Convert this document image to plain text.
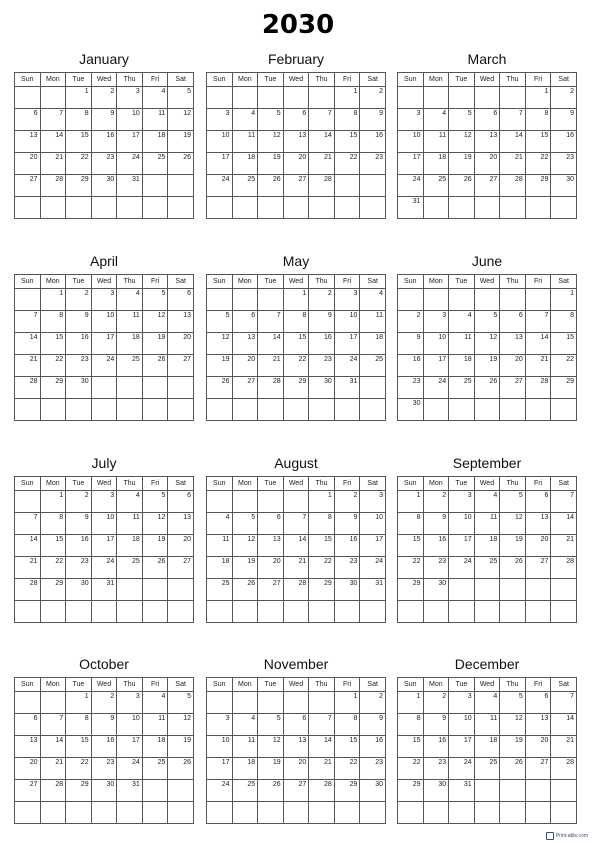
2030
January
Sun	Mon	Tue	Wed	Thu	Fri	Sat
		1	2	3	4	5
6	7	8	9	10	11	12
13	14	15	16	17	18	19
20	21	22	23	24	25	26
27	28	29	30	31		

February
Sun	Mon	Tue	Wed	Thu	Fri	Sat
					1	2
3	4	5	6	7	8	9
10	11	12	13	14	15	16
17	18	19	20	21	22	23
24	25	26	27	28		

March
Sun	Mon	Tue	Wed	Thu	Fri	Sat
					1	2
3	4	5	6	7	8	9
10	11	12	13	14	15	16
17	18	19	20	21	22	23
24	25	26	27	28	29	30
31						
April
Sun	Mon	Tue	Wed	Thu	Fri	Sat
	1	2	3	4	5	6
7	8	9	10	11	12	13
14	15	16	17	18	19	20
21	22	23	24	25	26	27
28	29	30				

May
Sun	Mon	Tue	Wed	Thu	Fri	Sat
			1	2	3	4
5	6	7	8	9	10	11
12	13	14	15	16	17	18
19	20	21	22	23	24	25
26	27	28	29	30	31	

June
Sun	Mon	Tue	Wed	Thu	Fri	Sat
						1
2	3	4	5	6	7	8
9	10	11	12	13	14	15
16	17	18	19	20	21	22
23	24	25	26	27	28	29
30						
July
Sun	Mon	Tue	Wed	Thu	Fri	Sat
	1	2	3	4	5	6
7	8	9	10	11	12	13
14	15	16	17	18	19	20
21	22	23	24	25	26	27
28	29	30	31			

August
Sun	Mon	Tue	Wed	Thu	Fri	Sat
				1	2	3
4	5	6	7	8	9	10
11	12	13	14	15	16	17
18	19	20	21	22	23	24
25	26	27	28	29	30	31

September
Sun	Mon	Tue	Wed	Thu	Fri	Sat
1	2	3	4	5	6	7
8	9	10	11	12	13	14
15	16	17	18	19	20	21
22	23	24	25	26	27	28
29	30					

October
Sun	Mon	Tue	Wed	Thu	Fri	Sat
		1	2	3	4	5
6	7	8	9	10	11	12
13	14	15	16	17	18	19
20	21	22	23	24	25	26
27	28	29	30	31		

November
Sun	Mon	Tue	Wed	Thu	Fri	Sat
					1	2
3	4	5	6	7	8	9
10	11	12	13	14	15	16
17	18	19	20	21	22	23
24	25	26	27	28	29	30

December
Sun	Mon	Tue	Wed	Thu	Fri	Sat
1	2	3	4	5	6	7
8	9	10	11	12	13	14
15	16	17	18	19	20	21
22	23	24	25	26	27	28
29	30	31				

Print-able.com
